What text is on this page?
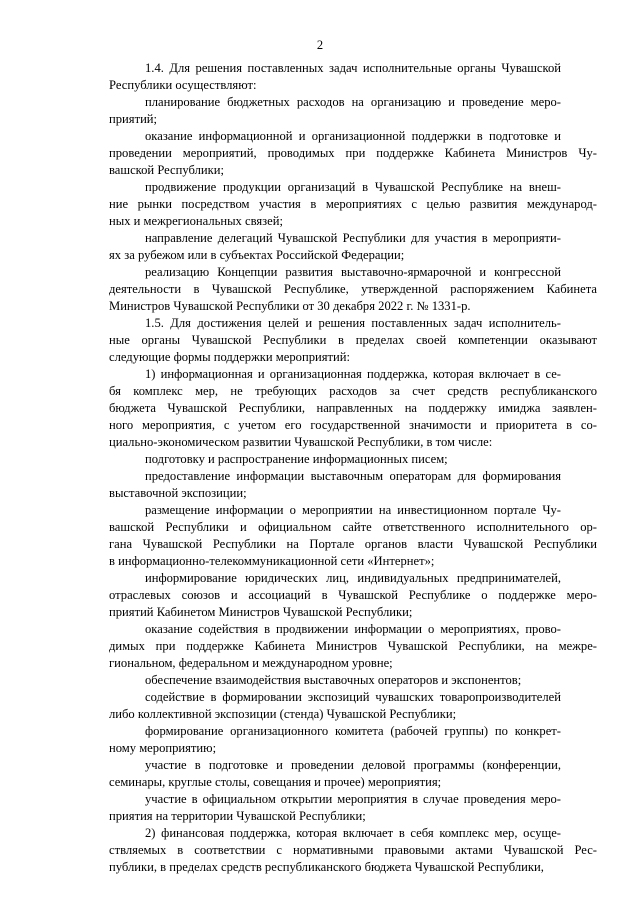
2

1.4. Для решения поставленных задач исполнительные органы Чувашской
Республики осуществляют:

планирование бюджетных расходов на организацию и проведение меро-
приятий;

оказание информационной и организационной поддержки в подготовке и
проведении мероприятий, проводимых при поддержке Кабинета Министров Чу-
вашской Республики;

продвижение продукции организаций в Чувашской Республике на внеш-
ние рынки посредством участия в мероприятиях с целью развития международ-
ных и межрегиональных связей;

направление делегаций Чувашской Республики для участия в мероприяти-
ях за рубежом или в субъектах Российской Федерации;

реализацию Концепции развития выставочно-ярмарочной и конгрессной
деятельности в Чувашской Республике, утвержденной распоряжением Кабинета
Министров Чувашской Республики от 30 декабря 2022 г. № 1331-р.

1.5. Для достижения целей и решения поставленных задач исполнитель-
ные органы Чувашской Республики в пределах своей компетенции оказывают
следующие формы поддержки мероприятий:

1) информационная и организационная поддержка, которая включает в се-
бя комплекс мер, не требующих расходов за счет средств республиканского
бюджета Чувашской Республики, направленных на поддержку имиджа заявлен-
ного мероприятия, с учетом его государственной значимости и приоритета в со-
циально-экономическом развитии Чувашской Республики, в том числе:

подготовку и распространение информационных писем;

предоставление информации выставочным операторам для формирования
выставочной экспозиции;

размещение информации о мероприятии на инвестиционном портале Чу-
вашской Республики и официальном сайте ответственного исполнительного ор-
гана Чувашской Республики на Портале органов власти Чувашской Республики
в информационно-телекоммуникационной сети «Интернет»;

информирование юридических лиц, индивидуальных предпринимателей,
отраслевых союзов и ассоциаций в Чувашской Республике о поддержке меро-
приятий Кабинетом Министров Чувашской Республики;

оказание содействия в продвижении информации о мероприятиях, прово-
димых при поддержке Кабинета Министров Чувашской Республики, на межре-
гиональном, федеральном и международном уровне;

обеспечение взаимодействия выставочных операторов и экспонентов;

содействие в формировании экспозиций чувашских товаропроизводителей
либо коллективной экспозиции (стенда) Чувашской Республики;

формирование организационного комитета (рабочей группы) по конкрет-
ному мероприятию;

участие в подготовке и проведении деловой программы (конференции,
семинары, круглые столы, совещания и прочее) мероприятия;

участие в официальном открытии мероприятия в случае проведения меро-
приятия на территории Чувашской Республики;

2) финансовая поддержка, которая включает в себя комплекс мер, осуще-
ствляемых в соответствии с нормативными правовыми актами Чувашской Рес-
публики, в пределах средств республиканского бюджета Чувашской Республики,
